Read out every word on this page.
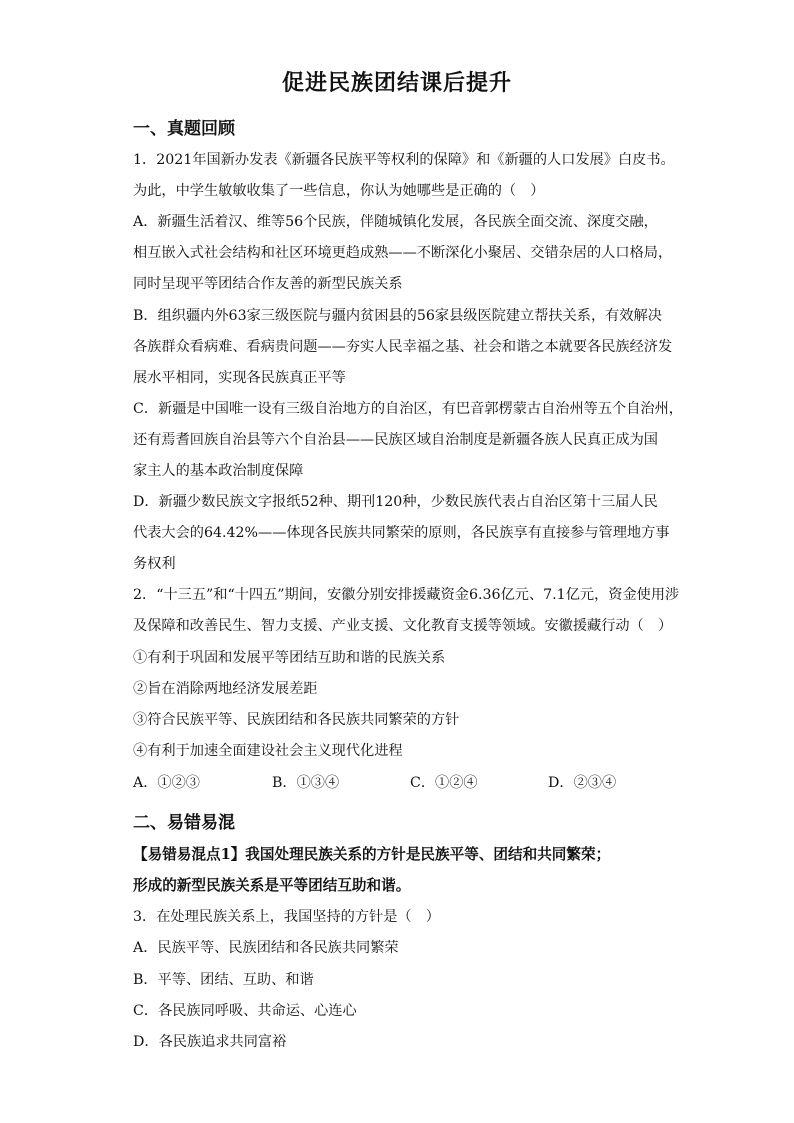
促进民族团结课后提升
一、真题回顾
1．2021年国新办发表《新疆各民族平等权利的保障》和《新疆的人口发展》白皮书。
为此，中学生敏敏收集了一些信息，你认为她哪些是正确的（　）
A．新疆生活着汉、维等56个民族，伴随城镇化发展，各民族全面交流、深度交融，
相互嵌入式社会结构和社区环境更趋成熟——不断深化小聚居、交错杂居的人口格局，
同时呈现平等团结合作友善的新型民族关系
B．组织疆内外63家三级医院与疆内贫困县的56家县级医院建立帮扶关系，有效解决
各族群众看病难、看病贵问题——夯实人民幸福之基、社会和谐之本就要各民族经济发
展水平相同，实现各民族真正平等
C．新疆是中国唯一设有三级自治地方的自治区，有巴音郭楞蒙古自治州等五个自治州，
还有焉耆回族自治县等六个自治县——民族区域自治制度是新疆各族人民真正成为国
家主人的基本政治制度保障
D．新疆少数民族文字报纸52种、期刊120种，少数民族代表占自治区第十三届人民
代表大会的64.42%——体现各民族共同繁荣的原则，各民族享有直接参与管理地方事
务权利
2．“十三五”和“十四五”期间，安徽分别安排援藏资金6.36亿元、7.1亿元，资金使用涉
及保障和改善民生、智力支援、产业支援、文化教育支援等领域。安徽援藏行动（　）
①有利于巩固和发展平等团结互助和谐的民族关系
②旨在消除两地经济发展差距
③符合民族平等、民族团结和各民族共同繁荣的方针
④有利于加速全面建设社会主义现代化进程
A．①②③	B．①③④	C．①②④	D．②③④
二、易错易混
【易错易混点1】我国处理民族关系的方针是民族平等、团结和共同繁荣；
形成的新型民族关系是平等团结互助和谐。
3．在处理民族关系上，我国坚持的方针是（　）
A．民族平等、民族团结和各民族共同繁荣
B．平等、团结、互助、和谐
C．各民族同呼吸、共命运、心连心
D．各民族追求共同富裕
